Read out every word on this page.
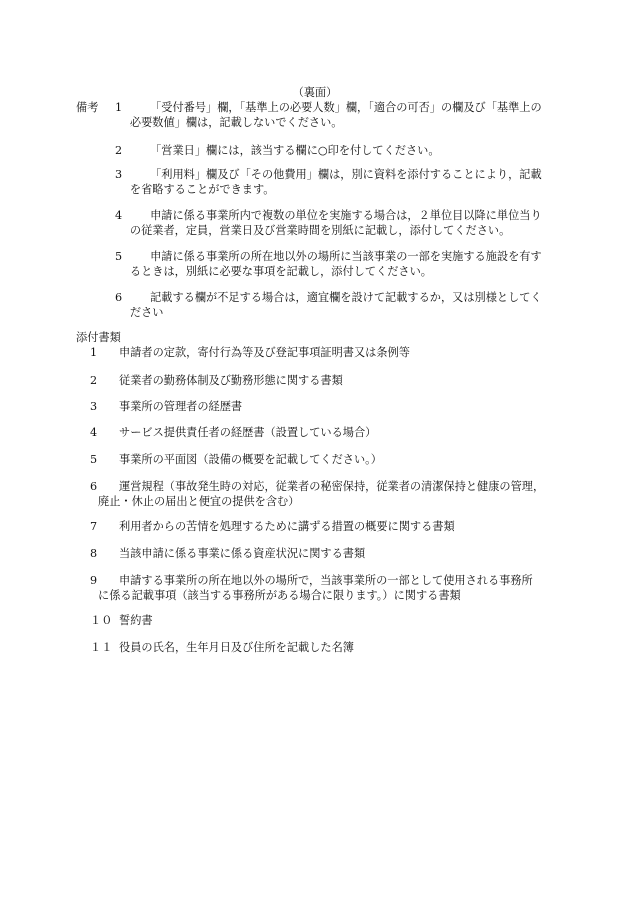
（裏面）
備考 1	「受付番号」欄，「基準上の必要人数」欄，「適合の可否」の欄及び「基準上の
必要数値」欄は，記載しないでください。
2	「営業日」欄には，該当する欄に○印を付してください。
3	「利用料」欄及び「その他費用」欄は，別に資料を添付することにより，記載
を省略することができます。
4	申請に係る事業所内で複数の単位を実施する場合は，２単位目以降に単位当り
の従業者，定員，営業日及び営業時間を別紙に記載し，添付してください。
5	申請に係る事業所の所在地以外の場所に当該事業の一部を実施する施設を有す
るときは，別紙に必要な事項を記載し，添付してください。
6	記載する欄が不足する場合は，適宜欄を設けて記載するか，又は別様としてく
ださい
添付書類
1	申請者の定款，寄付行為等及び登記事項証明書又は条例等
2	従業者の勤務体制及び勤務形態に関する書類
3	事業所の管理者の経歴書
4	サービス提供責任者の経歴書（設置している場合）
5	事業所の平面図（設備の概要を記載してください。）
6	運営規程（事故発生時の対応，従業者の秘密保持，従業者の清潔保持と健康の管理，
廃止・休止の届出と便宜の提供を含む）
7	利用者からの苦情を処理するために講ずる措置の概要に関する書類
8	当該申請に係る事業に係る資産状況に関する書類
9	申請する事業所の所在地以外の場所で，当該事業所の一部として使用される事務所
に係る記載事項（該当する事務所がある場合に限ります。）に関する書類
１０ 誓約書
１１ 役員の氏名，生年月日及び住所を記載した名簿
